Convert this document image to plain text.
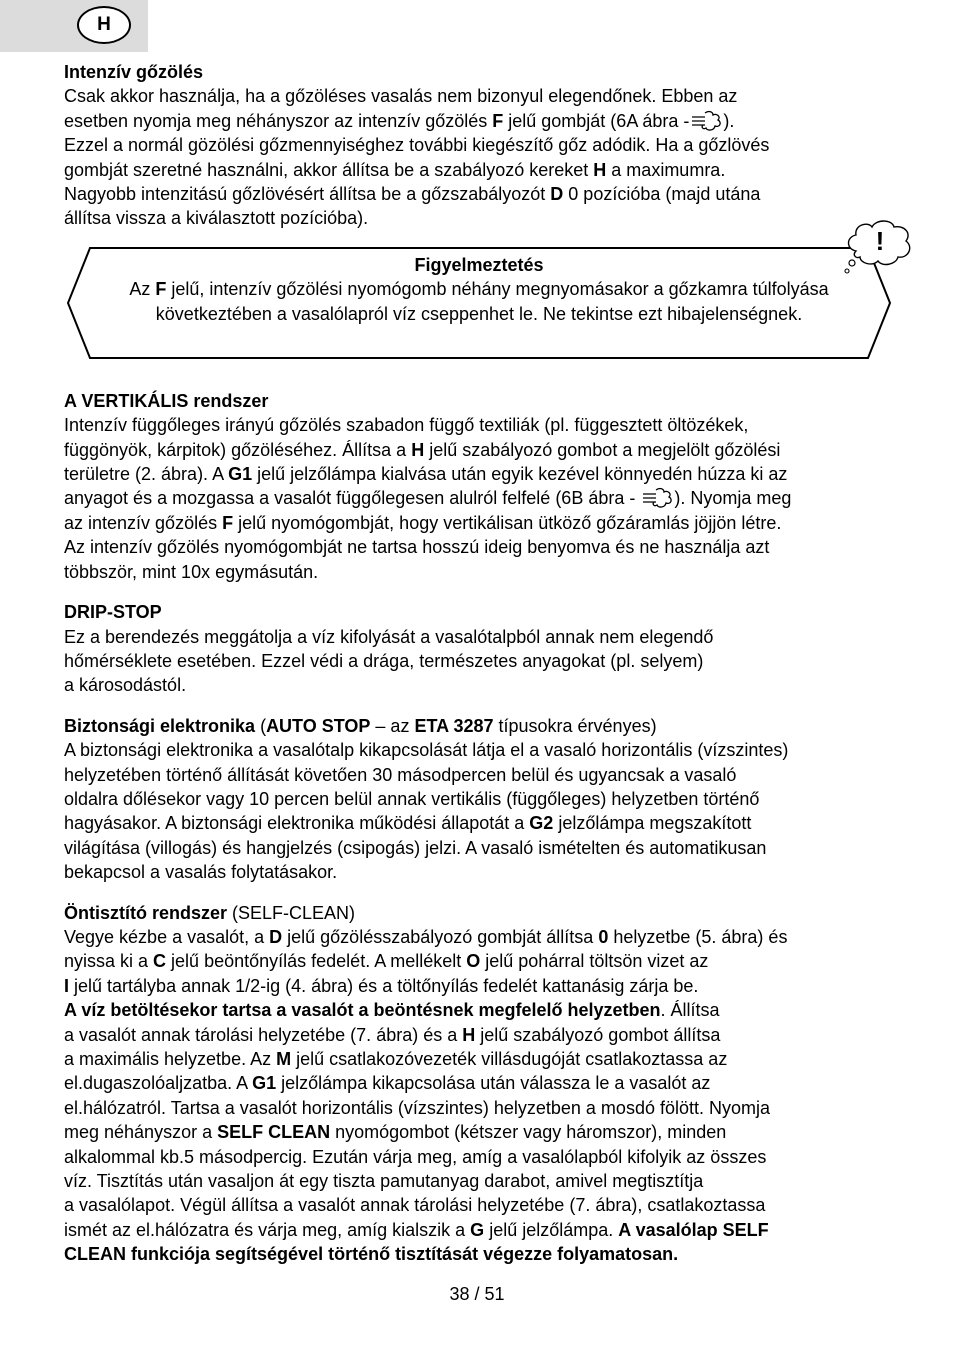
H
Intenzív gőzölés
Csak akkor használja, ha a gőzöléses vasalás nem bizonyul elegendőnek. Ebben az
esetben nyomja meg néhányszor az intenzív gőzölés F jelű gombját (6A ábra - ).
Ezzel a normál gözölési gőzmennyiséghez további kiegészítő gőz adódik. Ha a gőzlövés
gombját szeretné használni, akkor állítsa be a szabályozó kereket H a maximumra.
Nagyobb intenzitású gőzlövésért állítsa be a gőzszabályozót D 0 pozícióba (majd utána
állítsa vissza a kiválasztott pozícióba).
Figyelmeztetés
Az F jelű, intenzív gőzölési nyomógomb néhány megnyomásakor a gőzkamra túlfolyása
következtében a vasalólapról víz cseppenhet le. Ne tekintse ezt hibajelenségnek.
!
A VERTIKÁLIS rendszer
Intenzív függőleges irányú gőzölés szabadon függő textiliák (pl. függesztett öltözékek,
függönyök, kárpitok) gőzöléséhez. Állítsa a H jelű szabályozó gombot a megjelölt gőzölési
területre (2. ábra). A G1 jelű jelzőlámpa kialvása után egyik kezével könnyedén húzza ki az
anyagot és a mozgassa a vasalót függőlegesen alulról felfelé (6B ábra - ). Nyomja meg
az intenzív gőzölés F jelű nyomógombját, hogy vertikálisan ütköző gőzáramlás jöjjön létre.
Az intenzív gőzölés nyomógombját ne tartsa hosszú ideig benyomva és ne használja azt
többször, mint 10x egymásután.
DRIP-STOP
Ez a berendezés meggátolja a víz kifolyását a vasalótalpból annak nem elegendő
hőmérséklete esetében. Ezzel védi a drága, természetes anyagokat (pl. selyem)
a károsodástól.
Biztonsági elektronika (AUTO STOP – az ETA 3287 típusokra érvényes)
A biztonsági elektronika a vasalótalp kikapcsolását látja el a vasaló horizontális (vízszintes)
helyzetében történő állítását követően 30 másodpercen belül és ugyancsak a vasaló
oldalra dőlésekor vagy 10 percen belül annak vertikális (függőleges) helyzetben történő
hagyásakor. A biztonsági elektronika működési állapotát a G2 jelzőlámpa megszakított
világítása (villogás) és hangjelzés (csipogás) jelzi. A vasaló ismételten és automatikusan
bekapcsol a vasalás folytatásakor.
Öntisztító rendszer (SELF-CLEAN)
Vegye kézbe a vasalót, a D jelű gőzölésszabályozó gombját állítsa 0 helyzetbe (5. ábra) és
nyissa ki a C jelű beöntőnyílás fedelét. A mellékelt O jelű pohárral töltsön vizet az
I jelű tartályba annak 1/2-ig (4. ábra) és a töltőnyílás fedelét kattanásig zárja be.
A víz betöltésekor tartsa a vasalót a beöntésnek megfelelő helyzetben. Állítsa
a vasalót annak tárolási helyzetébe (7. ábra) és a H jelű szabályozó gombot állítsa
a maximális helyzetbe. Az M jelű csatlakozóvezeték villásdugóját csatlakoztassa az
el.dugaszolóaljzatba. A G1 jelzőlámpa kikapcsolása után válassza le a vasalót az
el.hálózatról. Tartsa a vasalót horizontális (vízszintes) helyzetben a mosdó fölött. Nyomja
meg néhányszor a SELF CLEAN nyomógombot (kétszer vagy háromszor), minden
alkalommal kb.5 másodpercig. Ezután várja meg, amíg a vasalólapból kifolyik az összes
víz. Tisztítás után vasaljon át egy tiszta pamutanyag darabot, amivel megtisztítja
a vasalólapot. Végül állítsa a vasalót annak tárolási helyzetébe (7. ábra), csatlakoztassa
ismét az el.hálózatra és várja meg, amíg kialszik a G jelű jelzőlámpa. A vasalólap SELF
CLEAN funkciója segítségével történő tisztítását végezze folyamatosan.
38 / 51
